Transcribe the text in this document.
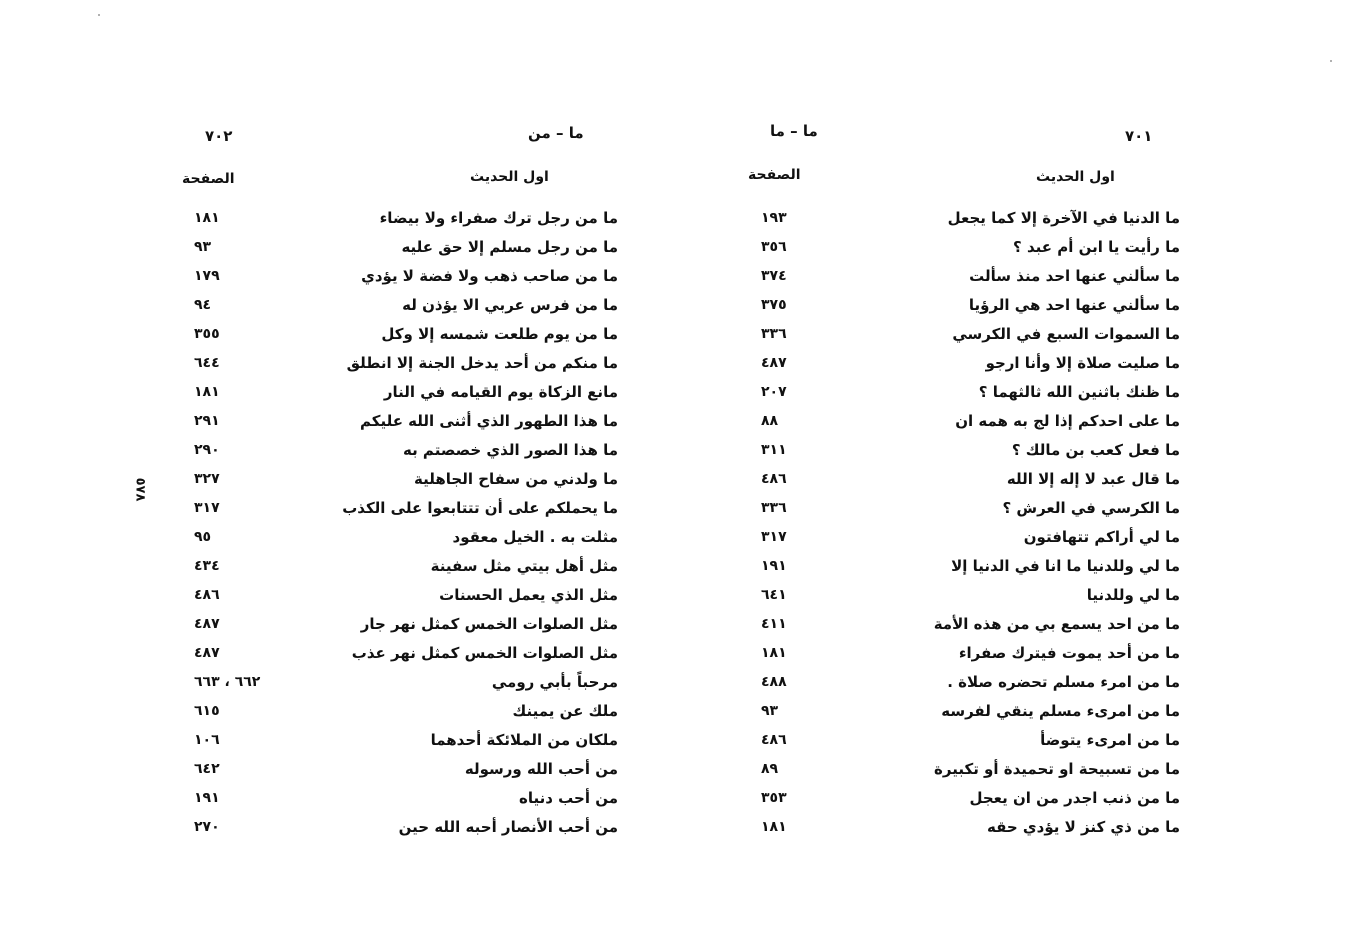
٧٠٢	ما – من
اول الحديث
الصفحة
ما من رجل ترك صفراء ولا بيضاء
١٨١
ما من رجل مسلم إلا حق عليه
٩٣
ما من صاحب ذهب ولا فضة لا يؤدي
١٧٩
ما من فرس عربي الا يؤذن له
٩٤
ما من يوم طلعت شمسه إلا وكل
٣٥٥
ما منكم من أحد يدخل الجنة إلا انطلق
٦٤٤
مانع الزكاة يوم القيامه في النار
١٨١
ما هذا الطهور الذي أثنى الله عليكم
٢٩١
ما هذا الصور الذي خصصتم به
٢٩٠
ما ولدني من سفاح الجاهلية
٣٢٧
ما يحملكم على أن تتتابعوا على الكذب
٣١٧
مثلت به . الخيل معقود
٩٥
مثل أهل بيتي مثل سفينة
٤٣٤
مثل الذي يعمل الحسنات
٤٨٦
مثل الصلوات الخمس كمثل نهر جار
٤٨٧
مثل الصلوات الخمس كمثل نهر عذب
٤٨٧
مرحباً بأبي رومي
٦٦٢ ، ٦٦٣
ملك عن يمينك
٦١٥
ملكان من الملائكة أحدهما
١٠٦
من أحب الله ورسوله
٦٤٢
من أحب دنياه
١٩١
من أحب الأنصار أحبه الله حين
٢٧٠
٧٠١
ما – ما
اول الحديث
الصفحة
ما الدنيا في الآخرة إلا كما يجعل
١٩٣
ما رأيت يا ابن أم عبد ؟
٣٥٦
ما سألني عنها احد منذ سألت
٣٧٤
ما سألني عنها احد هي الرؤيا
٣٧٥
ما السموات السبع في الكرسي
٣٣٦
ما صليت صلاة إلا وأنا ارجو
٤٨٧
ما ظنك باثنين الله ثالثهما ؟
٢٠٧
ما على احدكم إذا لج به همه ان
٨٨
ما فعل كعب بن مالك ؟
٣١١
ما قال عبد لا إله إلا الله
٤٨٦
ما الكرسي في العرش ؟
٣٣٦
ما لي أراكم تتهافتون
٣١٧
ما لي وللدنيا ما انا في الدنيا إلا
١٩١
ما لي وللدنيا
٦٤١
ما من احد يسمع بي من هذه الأمة
٤١١
ما من أحد يموت فيترك صفراء
١٨١
ما من امرء مسلم تحضره صلاة .
٤٨٨
ما من امرىء مسلم ينقي لفرسه
٩٣
ما من امرىء يتوضأ
٤٨٦
ما من تسبيحة او تحميدة أو تكبيرة
٨٩
ما من ذنب اجدر من ان يعجل
٣٥٣
ما من ذي كنز لا يؤدي حقه
١٨١
٥٧٨
